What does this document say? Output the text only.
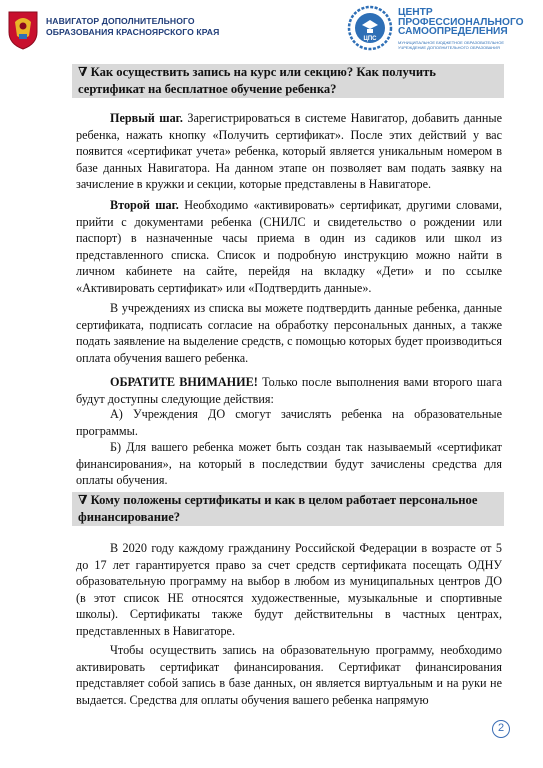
НАВИГАТОР ДОПОЛНИТЕЛЬНОГО
ОБРАЗОВАНИЯ КРАСНОЯРСКОГО КРАЯ
ЦПС
ЦЕНТР
ПРОФЕССИОНАЛЬНОГО
САМООПРЕДЕЛЕНИЯ
МУНИЦИПАЛЬНОЕ БЮДЖЕТНОЕ ОБРАЗОВАТЕЛЬНОЕ УЧРЕЖДЕНИЕ ДОПОЛНИТЕЛЬНОГО ОБРАЗОВАНИЯ
∇ Как осуществить запись на курс или секцию? Как получить сертификат на бесплатное обучение ребенка?

Первый шаг. Зарегистрироваться в системе Навигатор, добавить данные ребенка, нажать кнопку «Получить сертификат». После этих действий у вас появится «сертификат учета» ребенка, который является уникальным номером в базе данных Навигатора. На данном этапе он позволяет вам подать заявку на зачисление в кружки и секции, которые представлены в Навигаторе.

Второй шаг. Необходимо «активировать» сертификат, другими словами, прийти с документами ребенка (СНИЛС и свидетельство о рождении или паспорт) в назначенные часы приема в один из садиков или школ из представленного списка. Список и подробную инструкцию можно найти в личном кабинете на сайте, перейдя на вкладку «Дети» и по ссылке «Активировать сертификат» или «Подтвердить данные».

В учреждениях из списка вы можете подтвердить данные ребенка, данные сертификата, подписать согласие на обработку персональных данных, а также подать заявление на выделение средств, с помощью которых будет производиться оплата обучения вашего ребенка.

ОБРАТИТЕ ВНИМАНИЕ! Только после выполнения вами второго шага будут доступны следующие действия:

А) Учреждения ДО смогут зачислять ребенка на образовательные программы.

Б) Для вашего ребенка может быть создан так называемый «сертификат финансирования», на который в последствии будут зачислены средства для оплаты обучения.

∇ Кому положены сертификаты и как в целом работает персональное финансирование?

В 2020 году каждому гражданину Российской Федерации в возрасте от 5 до 17 лет гарантируется право за счет средств сертификата посещать ОДНУ образовательную программу на выбор в любом из муниципальных центров ДО (в этот список НЕ относятся художественные, музыкальные и спортивные школы). Сертификаты также будут действительны в частных центрах, представленных в Навигаторе.

Чтобы осуществить запись на образовательную программу, необходимо активировать сертификат финансирования. Сертификат финансирования представляет собой запись в базе данных, он является виртуальным и на руки не выдается. Средства для оплаты обучения вашего ребенка напрямую

2
